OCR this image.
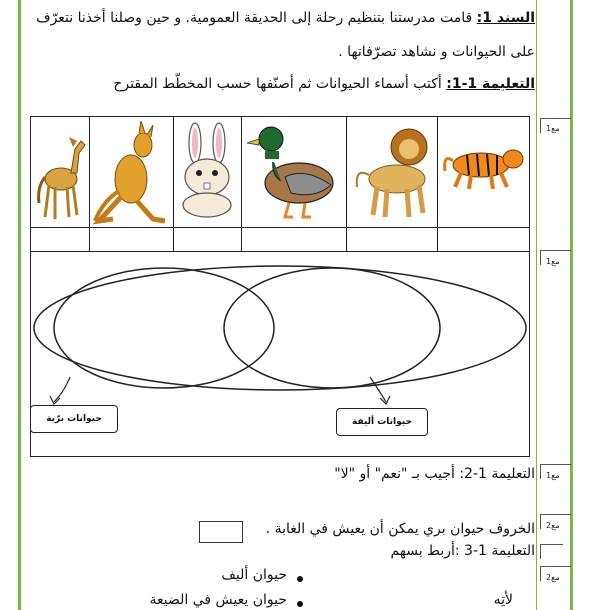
السند 1: قامت مدرستنا بتنظيم رحلة إلى الحديقة العمومية. و حين وصلنا أخذنا نتعرّف
على الحيوانات و نشاهد تصرّفاتها .
التعليمة 1-1: أكتب أسماء الحيوانات ثم أصنّفها حسب المخطّط المقترح
مع1
مع1
مع1
مع2
مع2
حيوانات برّية	حيوانات أليفة
التعليمة 1-2: أجيب بـ "نعم" أو "لا"
الخروف حيوان بري يمكن أن يعيش في الغابة .
التعليمة 1-3 :أربط بسهم
حيوان أليف
حيوان يعيش في الضيعة	لأتِه
